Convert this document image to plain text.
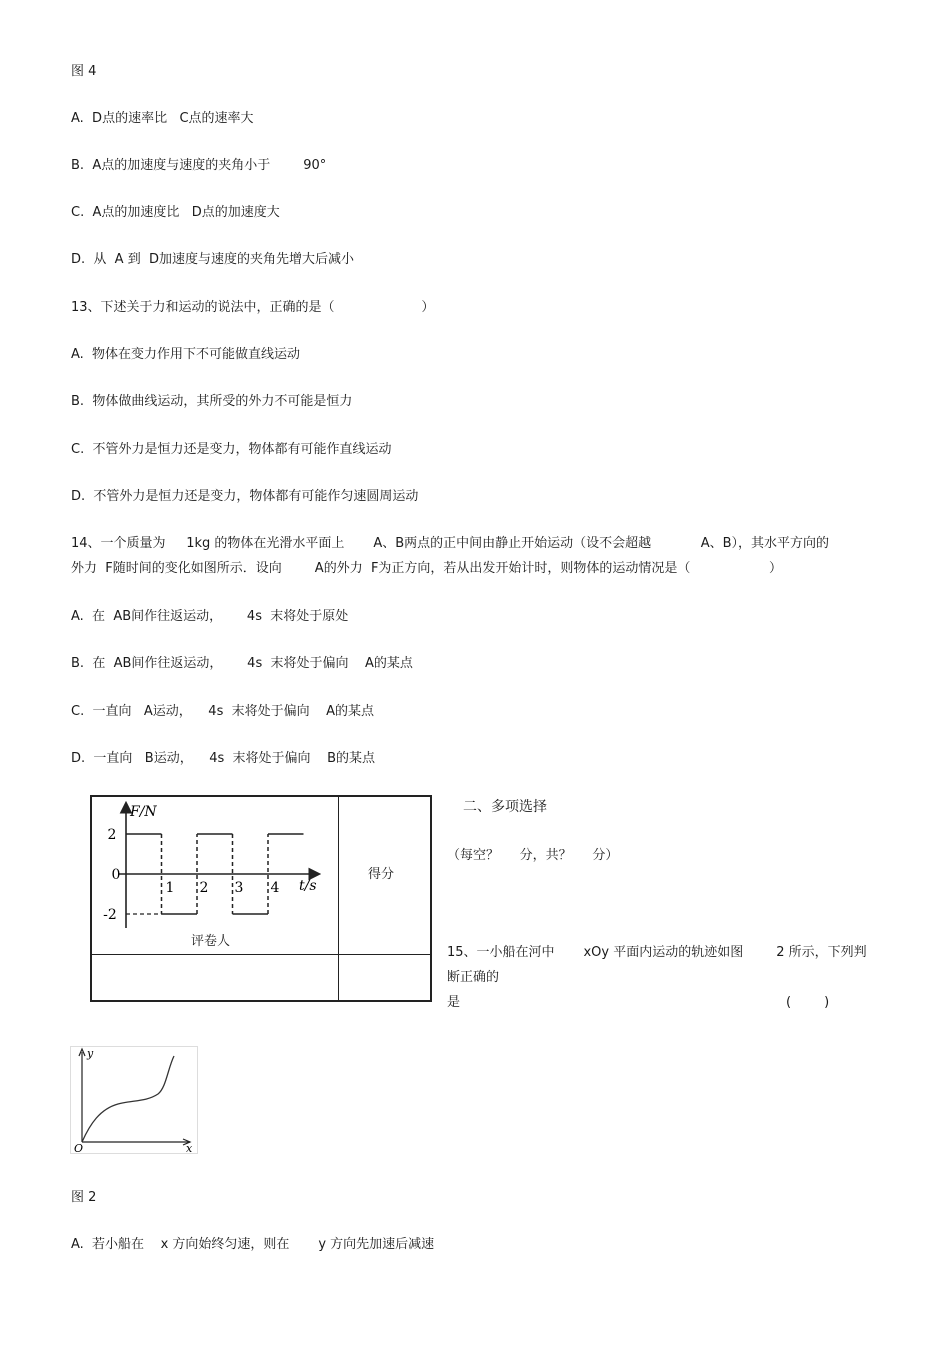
图 4
A.  D点的速率比   C点的速率大
B.  A点的加速度与速度的夹角小于        90°
C.  A点的加速度比   D点的加速度大
D.  从  A 到  D加速度与速度的夹角先增大后减小
13、下述关于力和运动的说法中，正确的是（                     ）
A.  物体在变力作用下不可能做直线运动
B.  物体做曲线运动，其所受的外力不可能是恒力
C.  不管外力是恒力还是变力，物体都有可能作直线运动
D.  不管外力是恒力还是变力，物体都有可能作匀速圆周运动
14、一个质量为     1kg 的物体在光滑水平面上       A、B两点的正中间由静止开始运动（设不会超越            A、B），其水平方向的
外力  F随时间的变化如图所示．设向        A的外力  F为正方向，若从出发开始计时，则物体的运动情况是（                   ）
A.  在  AB间作往返运动，      4s  末将处于原处
B.  在  AB间作往返运动，      4s  末将处于偏向    A的某点
C.  一直向   A运动，    4s  末将处于偏向    A的某点
D.  一直向   B运动，    4s  末将处于偏向    B的某点
得分
评卷人
F/N
t/s
2
0
-2
1 2 3 4
二、多项选择
（每空？     分，共？     分）
15、一小船在河中       xOy 平面内运动的轨迹如图        2 所示，下列判
断正确的
是	(        )
y
x
O
图 2
A.  若小船在    x 方向始终匀速，则在       y 方向先加速后减速
